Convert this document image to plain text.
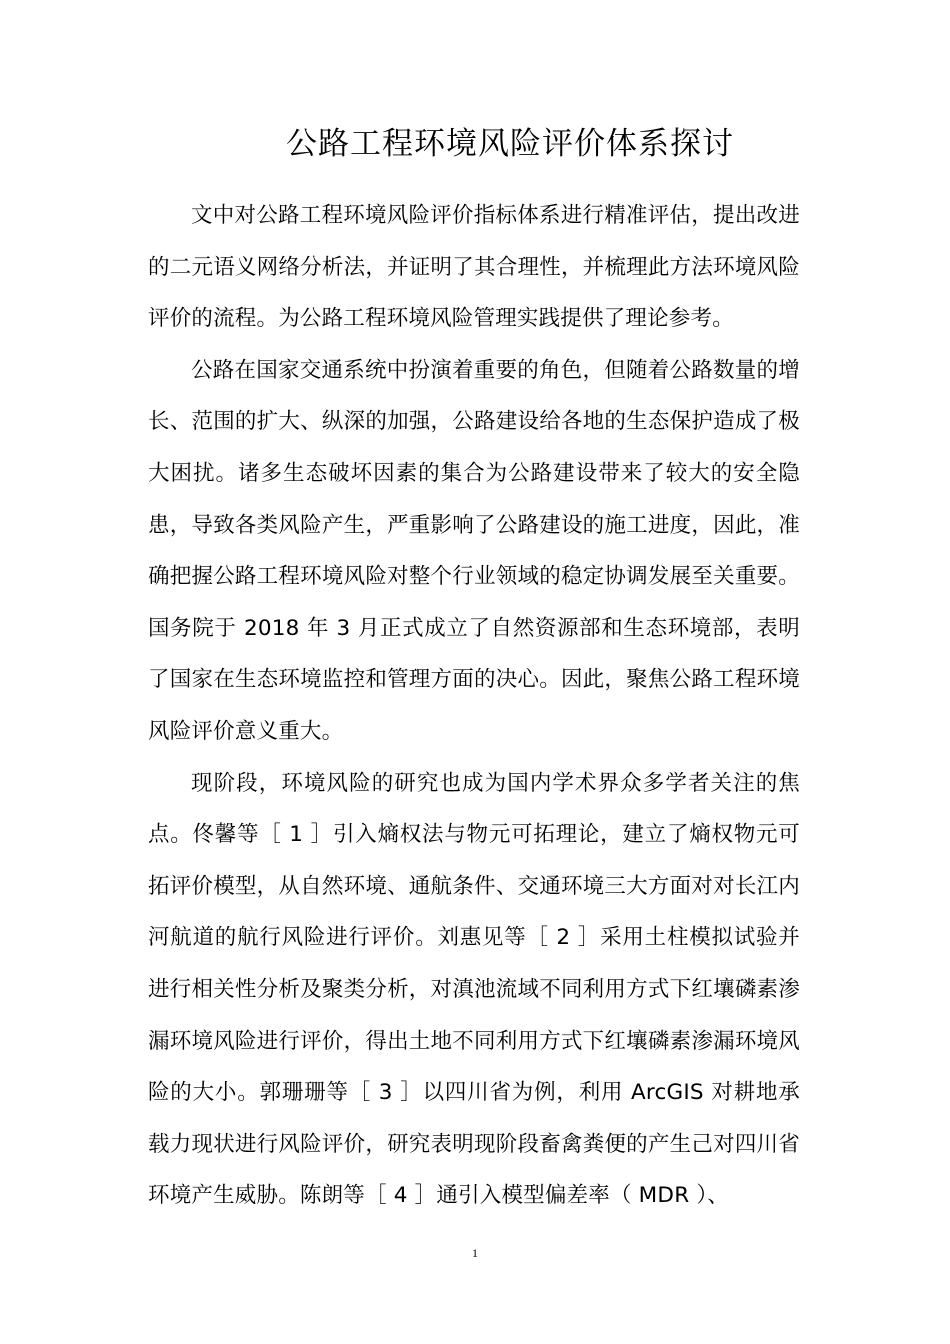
公路工程环境风险评价体系探讨

文中对公路工程环境风险评价指标体系进行精准评估，提出改进的二元语义网络分析法，并证明了其合理性，并梳理此方法环境风险评价的流程。为公路工程环境风险管理实践提供了理论参考。

公路在国家交通系统中扮演着重要的角色，但随着公路数量的增长、范围的扩大、纵深的加强，公路建设给各地的生态保护造成了极大困扰。诸多生态破坏因素的集合为公路建设带来了较大的安全隐患，导致各类风险产生，严重影响了公路建设的施工进度，因此，准确把握公路工程环境风险对整个行业领域的稳定协调发展至关重要。国务院于 2018 年 3 月正式成立了自然资源部和生态环境部，表明了国家在生态环境监控和管理方面的决心。因此，聚焦公路工程环境风险评价意义重大。

现阶段，环境风险的研究也成为国内学术界众多学者关注的焦点。佟馨等［ 1 ］引入熵权法与物元可拓理论，建立了熵权物元可拓评价模型，从自然环境、通航条件、交通环境三大方面对对长江内河航道的航行风险进行评价。刘惠见等［ 2 ］采用土柱模拟试验并进行相关性分析及聚类分析，对滇池流域不同利用方式下红壤磷素渗漏环境风险进行评价，得出土地不同利用方式下红壤磷素渗漏环境风险的大小。郭珊珊等［ 3 ］以四川省为例，利用 ArcGIS 对耕地承载力现状进行风险评价，研究表明现阶段畜禽粪便的产生己对四川省环境产生威胁。陈朗等［ 4 ］通引入模型偏差率（ MDR ）、

1
